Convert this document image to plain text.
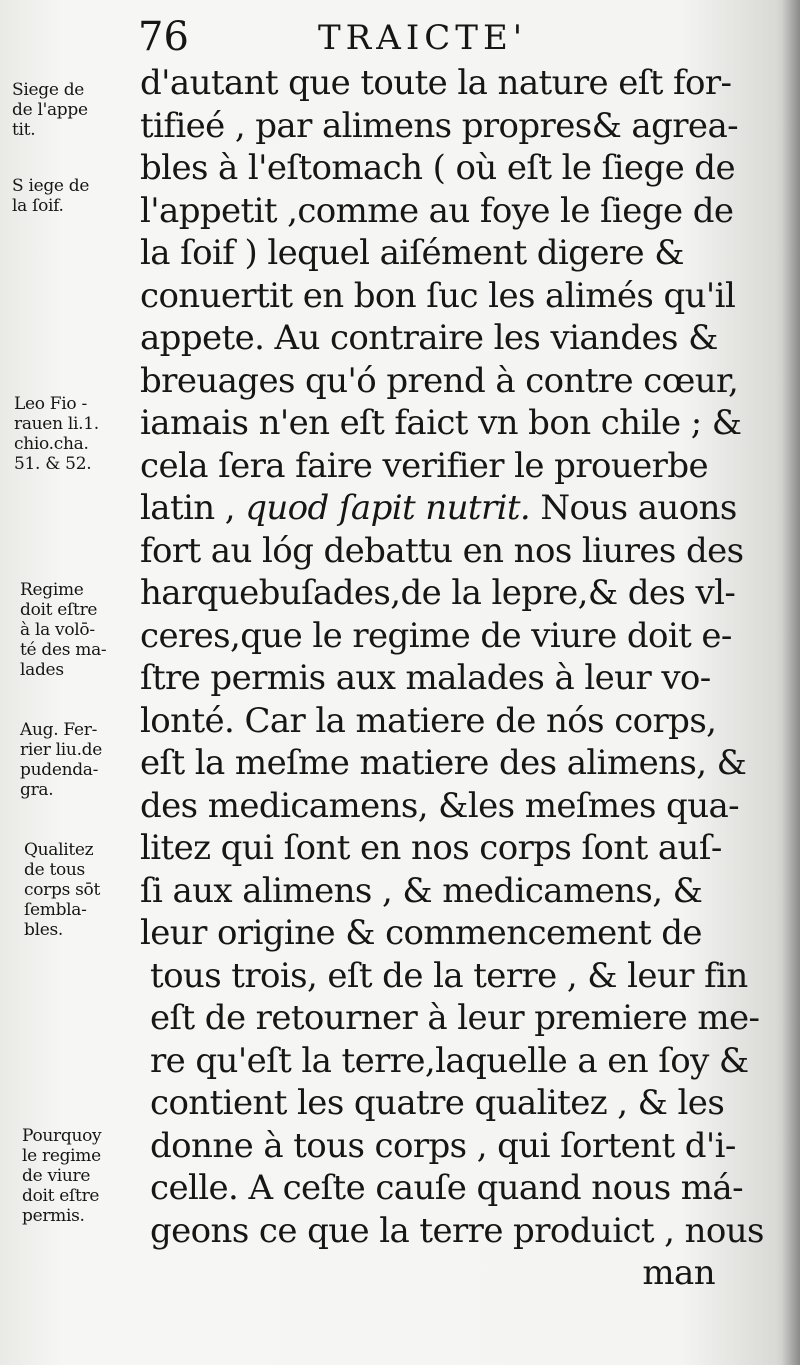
76	TRAICTE'
d'autant que toute la nature eſt for-
tifieé , par alimens propres& agrea-
bles à l'eſtomach ( où eſt le ſiege de
l'appetit ,comme au foye le ſiege de
la ſoif ) lequel aiſément digere &
conuertit en bon ſuc les alimés qu'il
appete. Au contraire les viandes &
breuages qu'ó prend à contre cœur,
iamais n'en eſt faict vn bon chile ; &
cela ſera faire verifier le prouerbe
latin , quod ſapit nutrit. Nous auons
fort au lóg debattu en nos liures des
harquebuſades,de la lepre,& des vl-
ceres,que le regime de viure doit e-
ſtre permis aux malades à leur vo-
lonté. Car la matiere de nós corps,
eſt la meſme matiere des alimens, &
des medicamens, &les meſmes qua-
litez qui ſont en nos corps ſont auſ-
ſi aux alimens , & medicamens, &
leur origine & commencement de
tous trois, eſt de la terre , & leur fin
eſt de retourner à leur premiere me-
re qu'eſt la terre,laquelle a en ſoy &
contient les quatre qualitez , & les
donne à tous corps , qui ſortent d'i-
celle. A ceſte cauſe quand nous má-
geons ce que la terre produict , nous
man
Siege de
de l'appe
tit.
S iege de
la ſoif.
Leo Fio -
rauen li.1.
chio.cha.
51. & 52.
Regime
doit eſtre
à la volō-
té des ma-
lades
Aug. Fer-
rier liu.de
pudenda-
gra.
Qualitez
de tous
corps sōt
ſembla-
bles.
Pourquoy
le regime
de viure
doit eſtre
permis.
